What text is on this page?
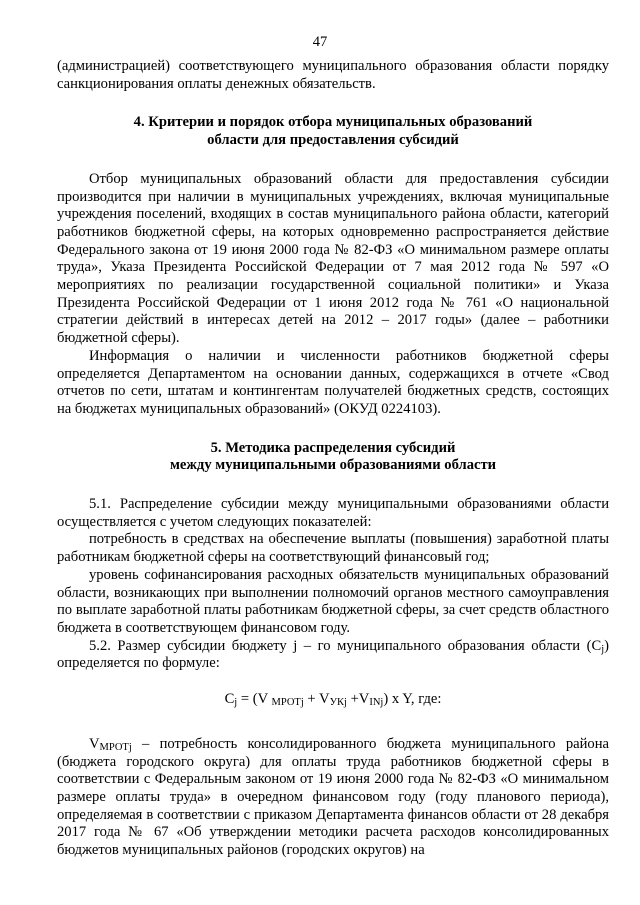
47

(администрацией) соответствующего муниципального образования области порядку санкционирования оплаты денежных обязательств.

4. Критерии и порядок отбора муниципальных образований
области для предоставления субсидий

Отбор муниципальных образований области для предоставления субсидии производится при наличии в муниципальных учреждениях, включая муниципальные учреждения поселений, входящих в состав муниципального района области, категорий работников бюджетной сферы, на которых одновременно распространяется действие Федерального закона от 19 июня 2000 года № 82-ФЗ «О минимальном размере оплаты труда», Указа Президента Российской Федерации от 7 мая 2012 года № 597 «О мероприятиях по реализации государственной социальной политики» и Указа Президента Российской Федерации от 1 июня 2012 года № 761 «О национальной стратегии действий в интересах детей на 2012 – 2017 годы» (далее – работники бюджетной сферы).

Информация о наличии и численности работников бюджетной сферы определяется Департаментом на основании данных, содержащихся в отчете «Свод отчетов по сети, штатам и контингентам получателей бюджетных средств, состоящих на бюджетах муниципальных образований» (ОКУД 0224103).

5. Методика распределения субсидий
между муниципальными образованиями области

5.1. Распределение субсидии между муниципальными образованиями области осуществляется с учетом следующих показателей:

потребность в средствах на обеспечение выплаты (повышения) заработной платы работникам бюджетной сферы на соответствующий финансовый год;

уровень софинансирования расходных обязательств муниципальных образований области, возникающих при выполнении полномочий органов местного самоуправления по выплате заработной платы работникам бюджетной сферы, за счет средств областного бюджета в соответствующем финансовом году.

5.2. Размер субсидии бюджету j – го муниципального образования области $(С_j)$ определяется по формуле:

$С_j = (V$ $_{МРОТj} + V_{УКj} +V_{INj}$) x Y, где:

$V_{МРОТj}$ – потребность консолидированного бюджета муниципального района (бюджета городского округа) для оплаты труда работников бюджетной сферы в соответствии с Федеральным законом от 19 июня 2000 года № 82-ФЗ «О минимальном размере оплаты труда» в очередном финансовом году (году планового периода), определяемая в соответствии с приказом Департамента финансов области от 28 декабря 2017 года № 67 «Об утверждении методики расчета расходов консолидированных бюджетов муниципальных районов (городских округов) на
